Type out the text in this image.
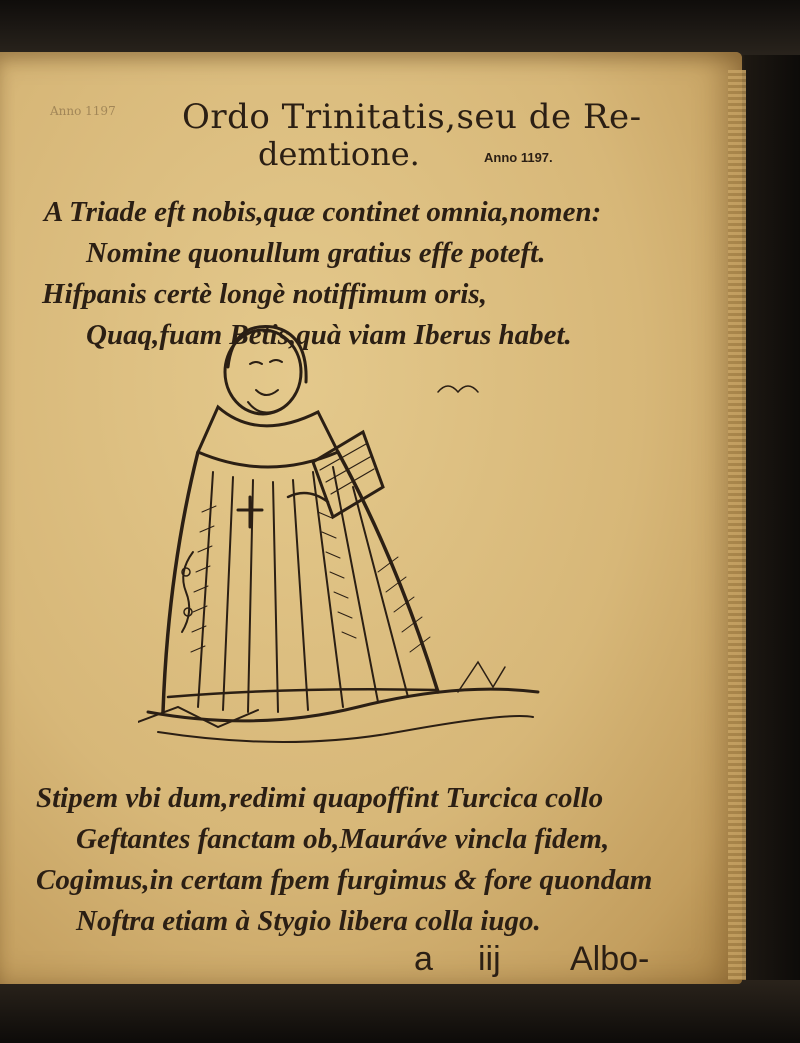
Anno 1197 Ordo Trinitatis,seu de Re-
demtione.	Anno 1197.
A Triade eft nobis,quæ continet omnia,nomen:
Nomine quonullum gratius effe poteft.
Hifpanis certè longè notiffimum oris,
Quaq,fuam Betis,quà viam Iberus habet.
Stipem vbi dum,redimi quapoffint Turcica collo
Geftantes fanctam ob,Mauráve vincla fidem,
Cogimus,in certam fpem furgimus & fore quondam
Noftra etiam à Stygio libera colla iugo.
a iij Albo-
